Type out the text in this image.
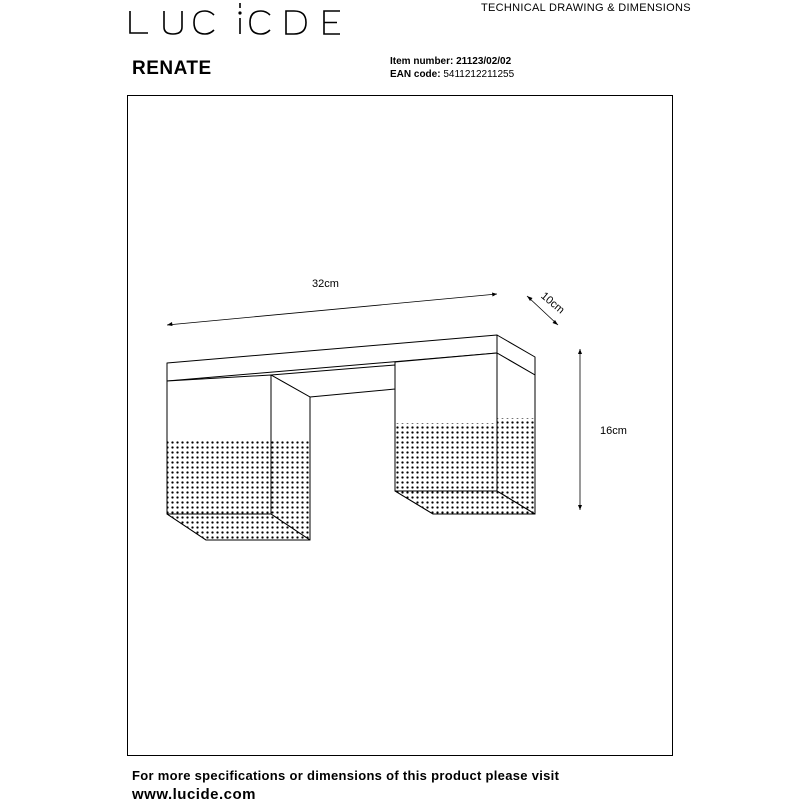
TECHNICAL DRAWING & DIMENSIONS
RENATE	Item number: 21123/02/02
EAN code: 5411212211255
32cm
10cm
16cm
For more specifications or dimensions of this product please visit
www.lucide.com
